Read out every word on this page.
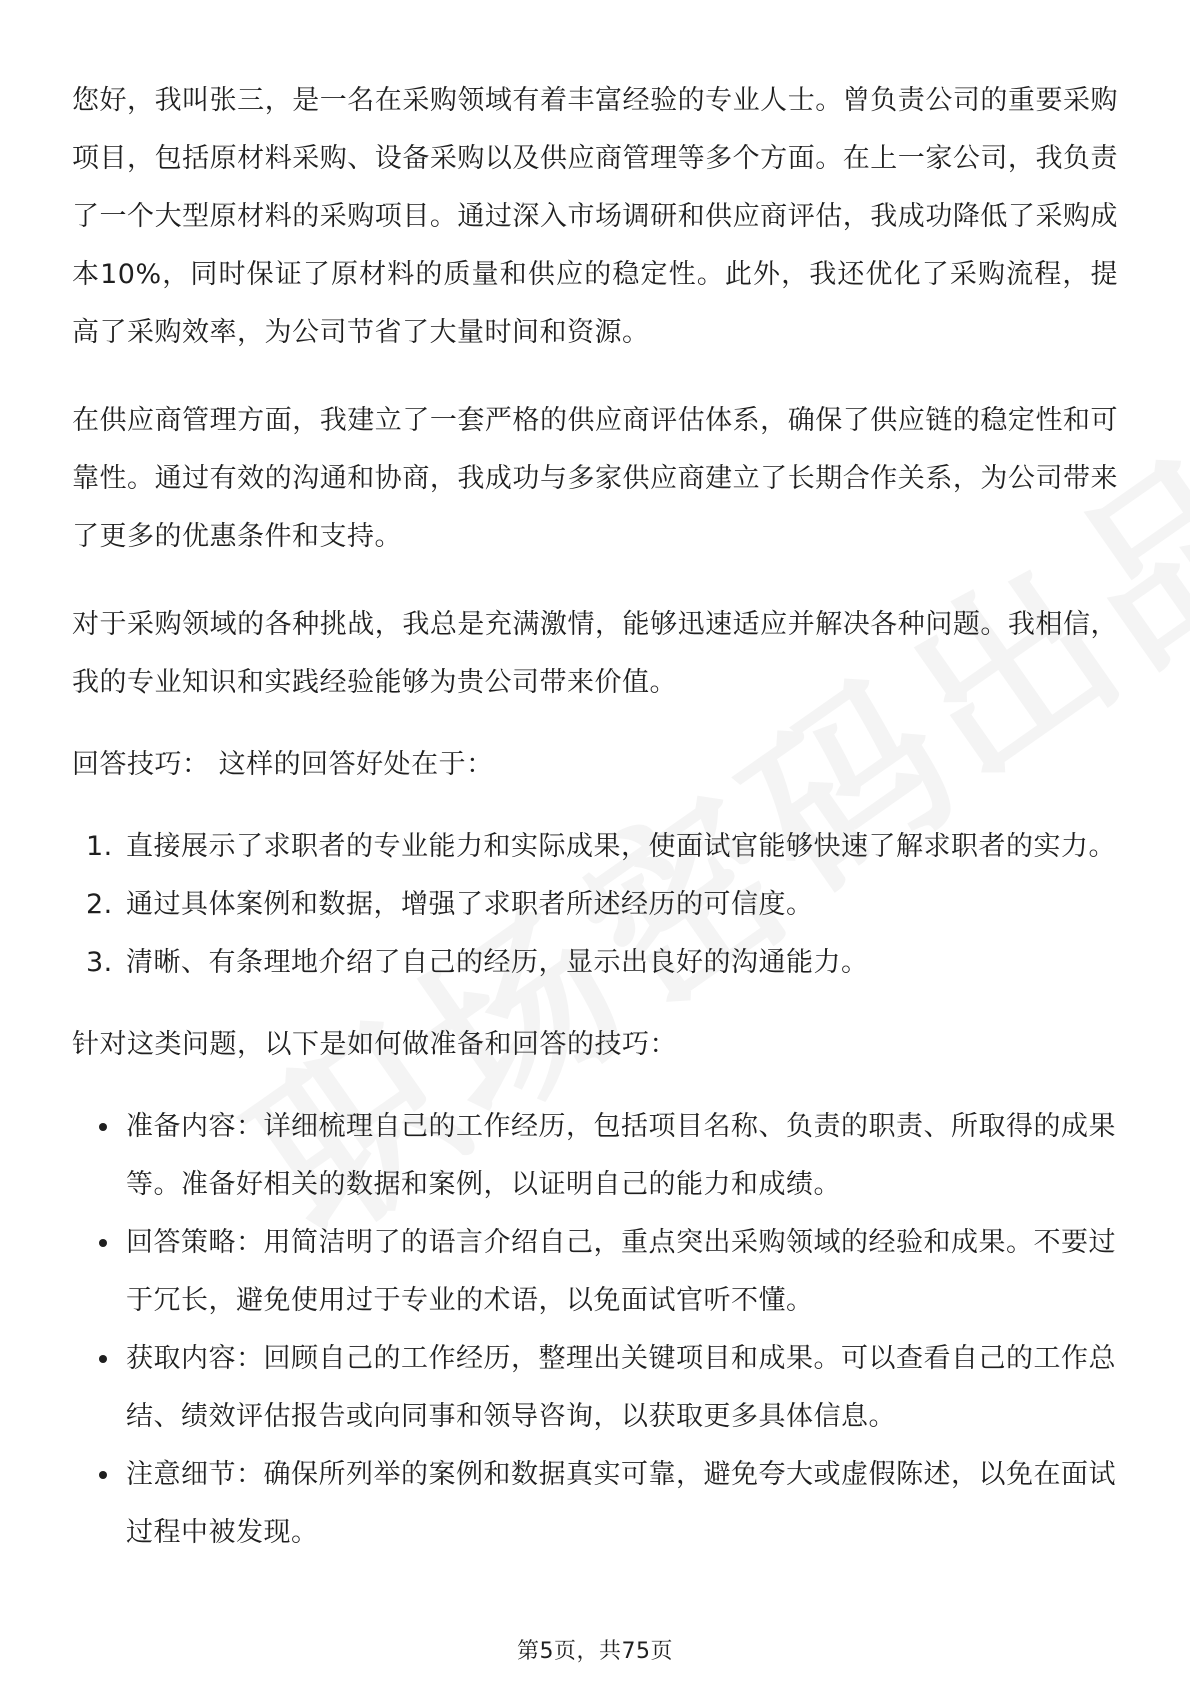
您好，我叫张三，是一名在采购领域有着丰富经验的专业人士。曾负责公司的重要采购项目，包括原材料采购、设备采购以及供应商管理等多个方面。在上一家公司，我负责了一个大型原材料的采购项目。通过深入市场调研和供应商评估，我成功降低了采购成本10%，同时保证了原材料的质量和供应的稳定性。此外，我还优化了采购流程，提高了采购效率，为公司节省了大量时间和资源。

在供应商管理方面，我建立了一套严格的供应商评估体系，确保了供应链的稳定性和可靠性。通过有效的沟通和协商，我成功与多家供应商建立了长期合作关系，为公司带来了更多的优惠条件和支持。

对于采购领域的各种挑战，我总是充满激情，能够迅速适应并解决各种问题。我相信，我的专业知识和实践经验能够为贵公司带来价值。

回答技巧： 这样的回答好处在于：

1. 直接展示了求职者的专业能力和实际成果，使面试官能够快速了解求职者的实力。
2. 通过具体案例和数据，增强了求职者所述经历的可信度。
3. 清晰、有条理地介绍了自己的经历，显示出良好的沟通能力。

针对这类问题，以下是如何做准备和回答的技巧：

准备内容：详细梳理自己的工作经历，包括项目名称、负责的职责、所取得的成果等。准备好相关的数据和案例，以证明自己的能力和成绩。
回答策略：用简洁明了的语言介绍自己，重点突出采购领域的经验和成果。不要过于冗长，避免使用过于专业的术语，以免面试官听不懂。
获取内容：回顾自己的工作经历，整理出关键项目和成果。可以查看自己的工作总结、绩效评估报告或向同事和领导咨询，以获取更多具体信息。
注意细节：确保所列举的案例和数据真实可靠，避免夸大或虚假陈述，以免在面试过程中被发现。
第5页，共75页
